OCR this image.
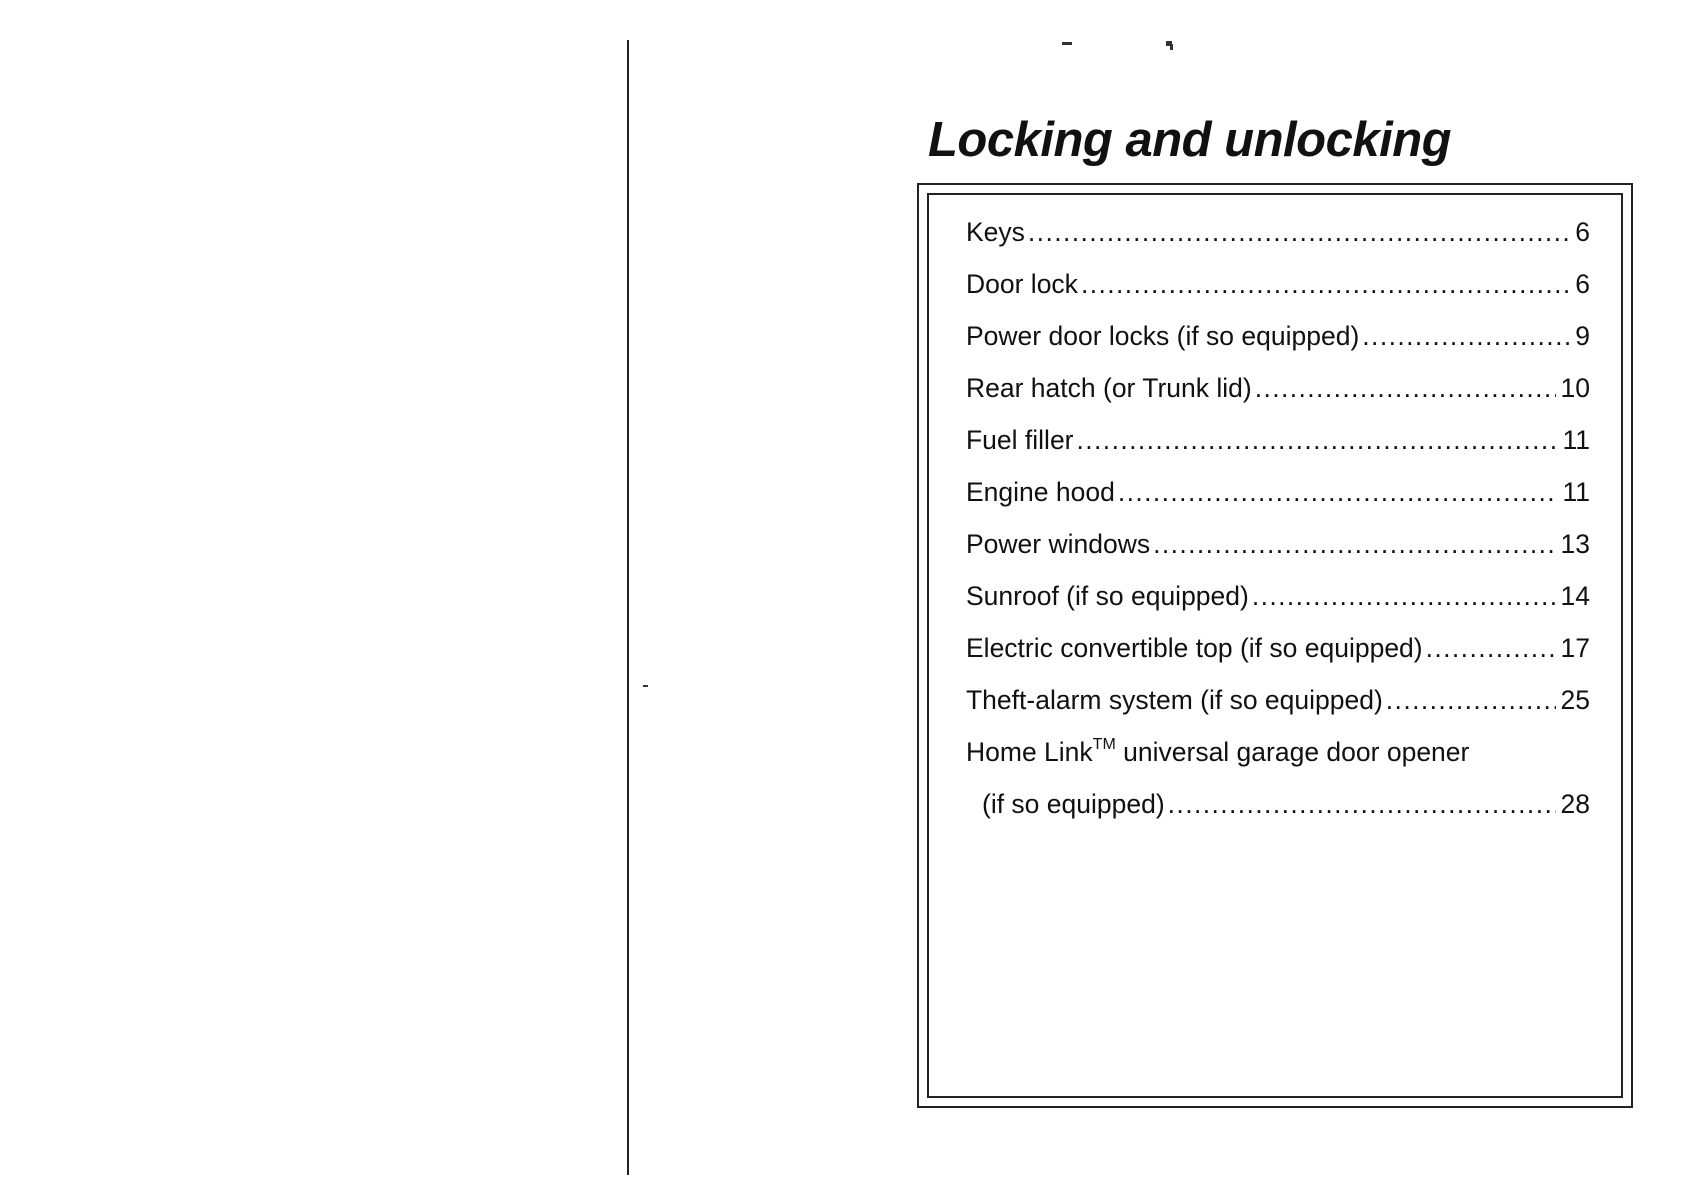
Locking and unlocking
Keys .....	6
Door lock .....	6
Power door locks (if so equipped) .....	9
Rear hatch (or Trunk lid) .....	10
Fuel filler .....	11
Engine hood .....	11
Power windows .....	13
Sunroof (if so equipped) .....	14
Electric convertible top (if so equipped) .....	17
Theft-alarm system (if so equipped) .....	25
Home Link™ universal garage door opener
(if so equipped) .....	28
